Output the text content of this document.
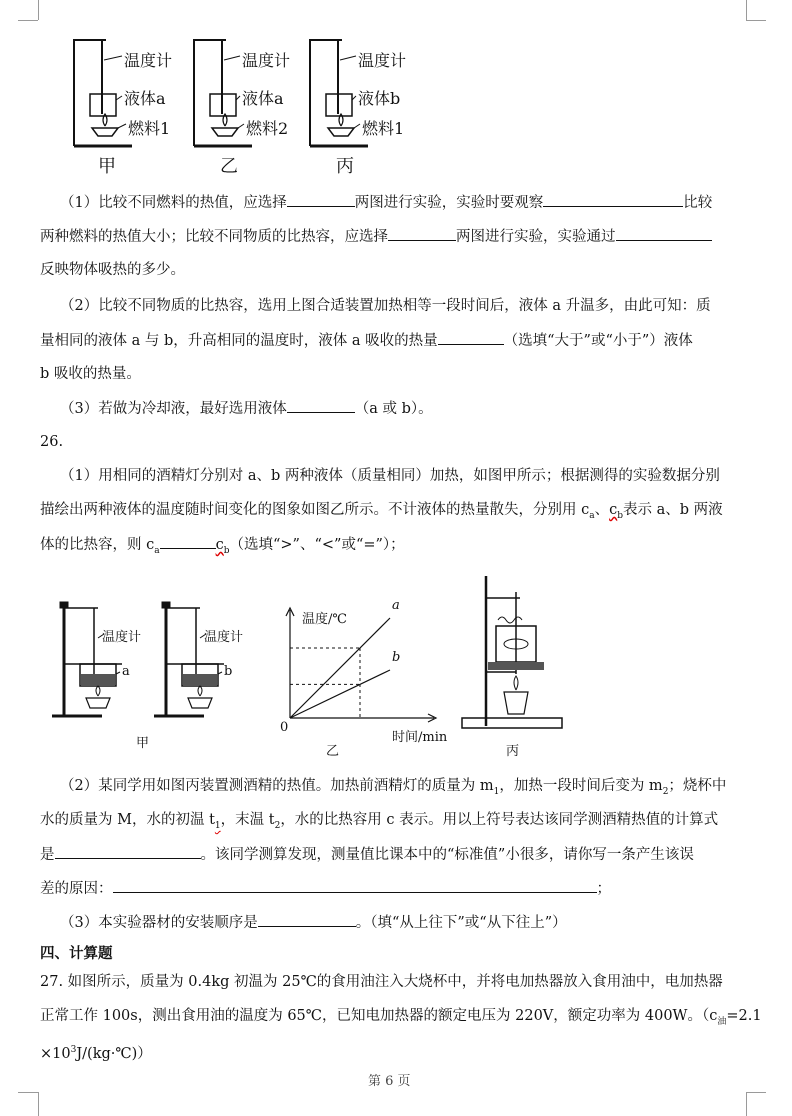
温度计
液体a
燃料1
温度计
液体a
燃料2
温度计
液体b
燃料1
甲	乙	丙
（1）比较不同燃料的热值，应选择	两图进行实验，实验时要观察	比较
两种燃料的热值大小；比较不同物质的比热容，应选择	两图进行实验，实验通过
反映物体吸热的多少。
（2）比较不同物质的比热容，选用上图合适装置加热相等一段时间后，液体 a 升温多，由此可知：质
量相同的液体 a 与 b，升高相同的温度时，液体 a 吸收的热量	（选填“大于”或“小于”）液体
b 吸收的热量。
（3）若做为冷却液，最好选用液体	（a 或 b）。
26.
（1）用相同的酒精灯分别对 a、b 两种液体（质量相同）加热，如图甲所示；根据测得的实验数据分别
描绘出两种液体的温度随时间变化的图象如图乙所示。不计液体的热量散失，分别用 $c_a$、$c_b$表示 a、b 两液
体的比热容，则 $c_a$	$c_b$（选填“>”、“<”或“=”）；
温度计
a
温度计
b
甲
温度/℃
时间/min
0
a
b
乙	丙
（2）某同学用如图丙装置测酒精的热值。加热前酒精灯的质量为 $m_1$，加热一段时间后变为 $m_2$；烧杯中
水的质量为 M，水的初温 $t_1$，末温 $t_2$，水的比热容用 c 表示。用以上符号表达该同学测酒精热值的计算式
是	。该同学测算发现，测量值比课本中的“标准值”小很多，请你写一条产生该误
差的原因：	；
（3）本实验器材的安装顺序是	。（填“从上往下”或“从下往上”）
四、计算题
27. 如图所示，质量为 0.4kg 初温为 25℃的食用油注入大烧杯中，并将电加热器放入食用油中，电加热器
正常工作 100s，测出食用油的温度为 65℃，已知电加热器的额定电压为 220V，额定功率为 400W。（$c_油=2.1$
$\times 10^3J/(kg\cdot℃)$）
第 6 页
